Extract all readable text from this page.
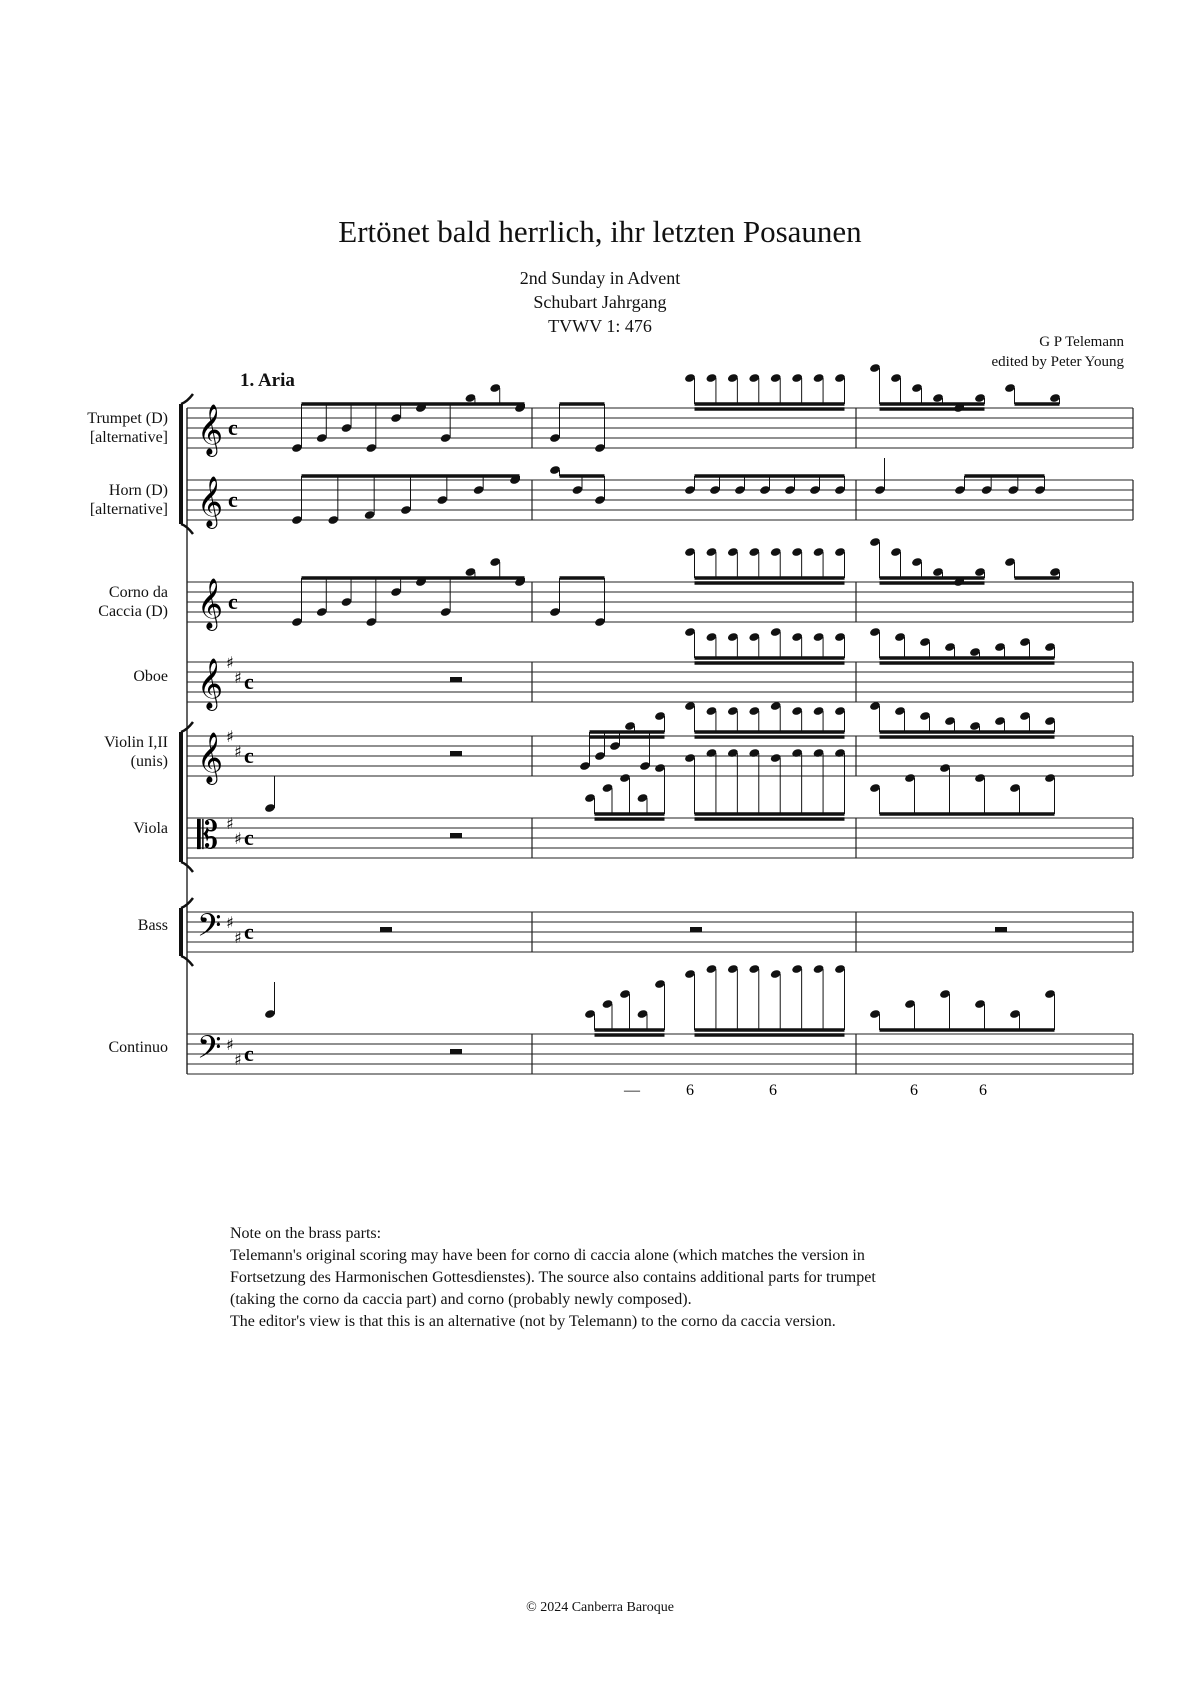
Ertönet bald herrlich, ihr letzten Posaunen
2nd Sunday in Advent
Schubart Jahrgang
TVWV 1: 476
G P Telemann
edited by Peter Young
1. Aria
Trumpet (D)
[alternative]
Horn (D)
[alternative]
Corno da
Caccia (D)
Oboe
Violin I,II
(unis)
Viola
Bass
Continuo
𝄞 c
𝄞 c
𝄞 c
𝄞 ♯
♯ c
𝄞 ♯
♯ c
𝄡 ♯
♯ c
𝄢 ♯
♯ c
𝄢 ♯
♯ c
—	6	6	6	6
Note on the brass parts:
Telemann's original scoring may have been for corno di caccia alone (which matches the version in
Fortsetzung des Harmonischen Gottesdienstes). The source also contains additional parts for trumpet
(taking the corno da caccia part) and corno (probably newly composed).
The editor's view is that this is an alternative (not by Telemann) to the corno da caccia version.
© 2024 Canberra Baroque
